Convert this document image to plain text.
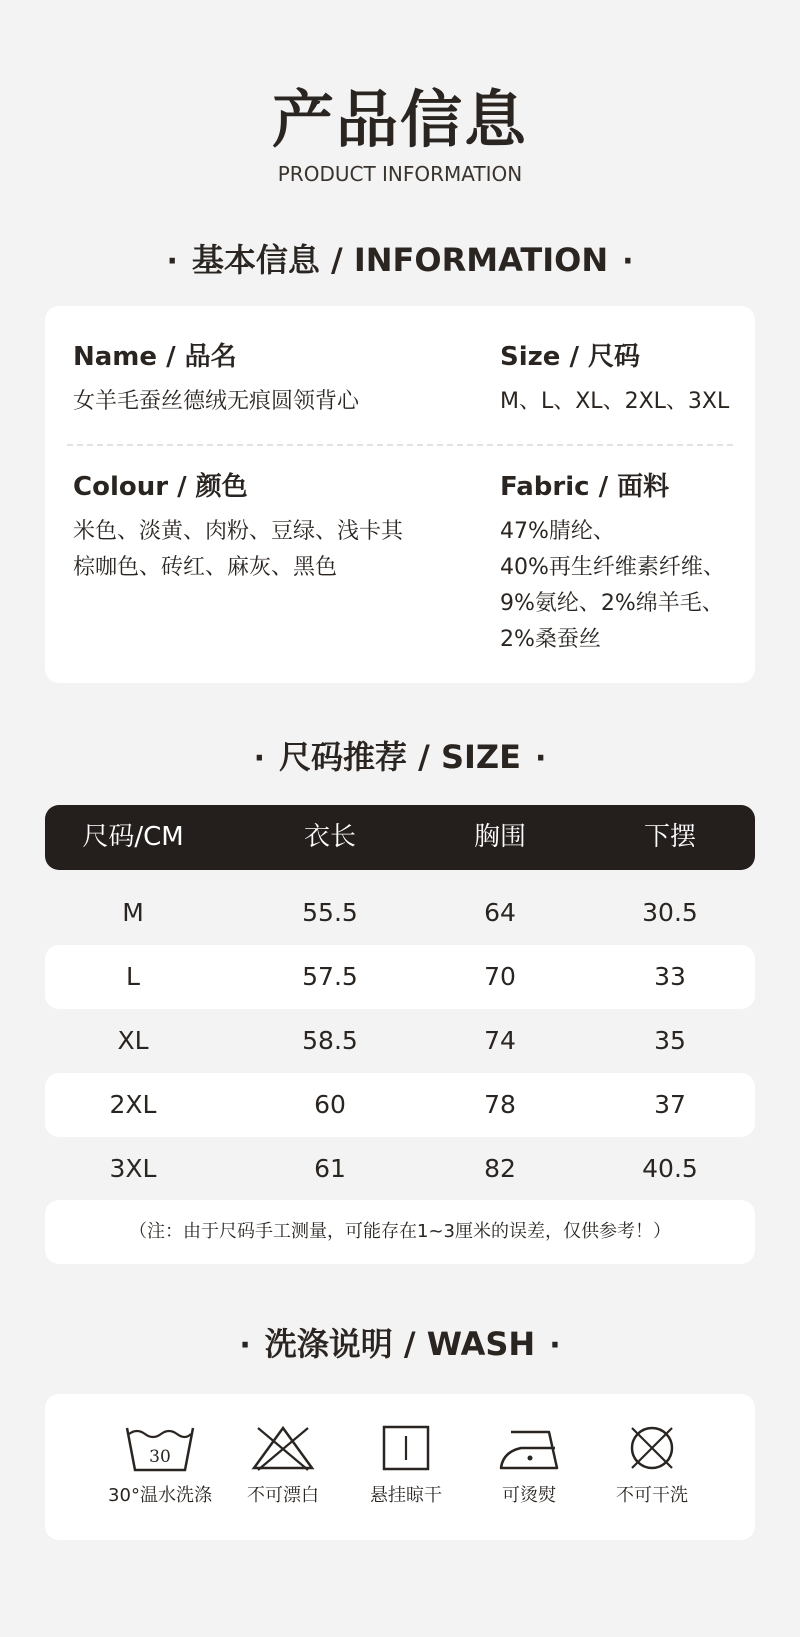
产品信息
PRODUCT INFORMATION
· 基本信息 / INFORMATION ·
Name / 品名
女羊毛蚕丝德绒无痕圆领背心
Size / 尺码
M、L、XL、2XL、3XL
Colour / 颜色
米色、淡黄、肉粉、豆绿、浅卡其
棕咖色、砖红、麻灰、黑色
Fabric / 面料
47%腈纶、
40%再生纤维素纤维、
9%氨纶、2%绵羊毛、
2%桑蚕丝
· 尺码推荐 / SIZE ·
尺码/CM	衣长	胸围	下摆
M	55.5	64	30.5
L	57.5	70	33
XL	58.5	74	35
2XL	60	78	37
3XL	61	82	40.5
（注：由于尺码手工测量，可能存在1~3厘米的误差，仅供参考！）
· 洗涤说明 / WASH ·
30
30°温水洗涤	不可漂白	悬挂晾干	可烫熨	不可干洗
